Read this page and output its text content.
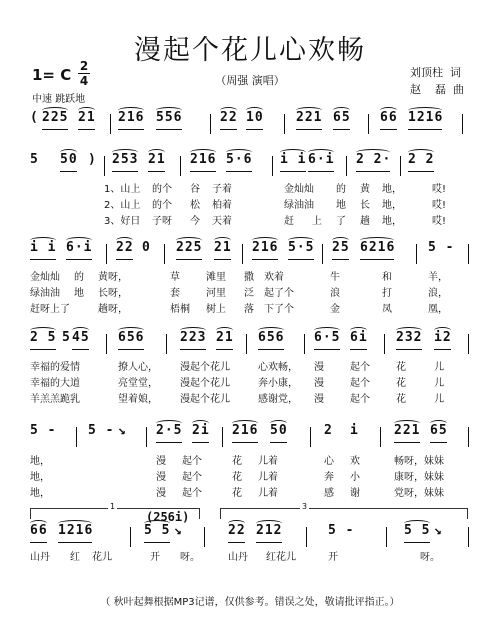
漫起个花儿心欢畅
1= C 2
4
中速 跳跃地
（周强 演唱）
刘顶柱  词
赵    磊  曲
( 225 21 216 556	22 10 221 65 66 1216
5 50 ) 253 21 216 5·6 i i 6·i 2 2· 2 2
i i 6·i 22 0 225 21 216 5·5 25 6216	5 -
2 5 5 45 656	223 21 656 6·5 6i 232 i2
5 - 5 - ↘ 2·5 2i 216 50	2 i	221 65
66 1216	5 5 ↘	22 212	5 -	5 5 ↘
1、山上 的个 谷 子着	金灿灿 的 黄 地，	哎!
2、山上 的个 松 柏着	绿油油 地 长 地，	哎!
3、好日 子呀 今 天着	赶 上 了 趟 地，	哎!
金灿灿 的 黄呀，	草	滩里 撒 欢着	牛	和	羊，
绿油油 地 长呀，	套	河里 泛 起了个	浪	打	浪，
赶呀上了	趟呀，	梧桐 树上 落 下了个	金	凤	凰，
幸福的爱情	撩人心， 漫起个花儿	心欢畅， 漫	起个	花	儿
幸福的大道	亮堂堂， 漫起个花儿	奔小康， 漫	起个	花	儿
羊羔羔跪乳	望着娘， 漫起个花儿	感谢党， 漫	起个	花	儿
地，	漫 起个	花 儿着	心 欢	畅呀，妹妹
地，	漫 起个	花 儿着	奔 小	康呀，妹妹
地，	漫 起个	花 儿着	感 谢	党呀，妹妹
山丹 红 花儿	开 呀。	山丹 红花儿	开	呀。
1	3
(256i)
（ 秋叶起舞根据MP3记谱，仅供参考。错误之处，敬请批评指正。）
